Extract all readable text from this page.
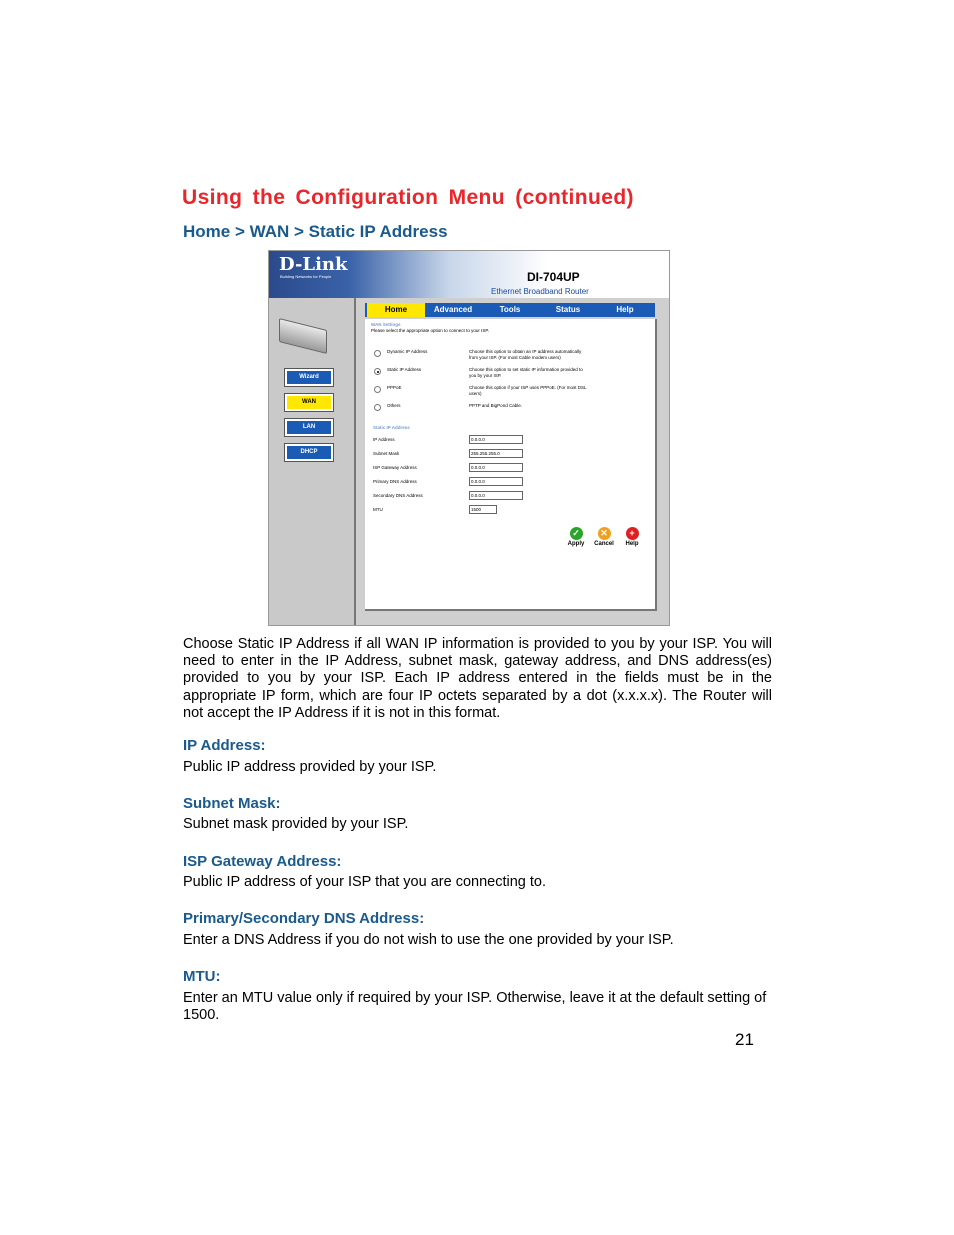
Using the Configuration Menu (continued)
Home > WAN > Static IP Address
D-Link
Building Networks for People	DI-704UP
Ethernet Broadband Router
Wizard
WAN
LAN
DHCP
Home	Advanced	Tools	Status	Help
WAN Settings
Please select the appropriate option to connect to your ISP.
Dynamic IP Address	Choose this option to obtain an IP address automatically
from your ISP. (For most Cable modem users)
Static IP Address	Choose this option to set static IP information provided to
you by your ISP.
PPPoE	Choose this option if your ISP uses PPPoE. (For most DSL
users)
Others	PPTP and BigPond Cable.
Static IP Address
IP Address	0.0.0.0
Subnet Mask	255.255.255.0
ISP Gateway Address	0.0.0.0
Primary DNS Address	0.0.0.0
Secondary DNS Address	0.0.0.0
MTU	1500
✓
Apply
✕
Cancel
+
Help

Choose Static IP Address if all WAN IP information is provided to you by your ISP. You will need to enter in the IP Address, subnet mask, gateway address, and DNS address(es) provided to you by your ISP. Each IP address entered in the fields must be in the appropriate IP form, which are four IP octets separated by a dot (x.x.x.x). The Router will not accept the IP Address if it is not in this format.

IP Address:

Public IP address provided by your ISP.

Subnet Mask:

Subnet mask provided by your ISP.

ISP Gateway Address:

Public IP address of your ISP that you are connecting to.

Primary/Secondary DNS Address:

Enter a DNS Address if you do not wish to use the one provided by your ISP.

MTU:

Enter an MTU value only if required by your ISP. Otherwise, leave it at the default setting of 1500.

21
